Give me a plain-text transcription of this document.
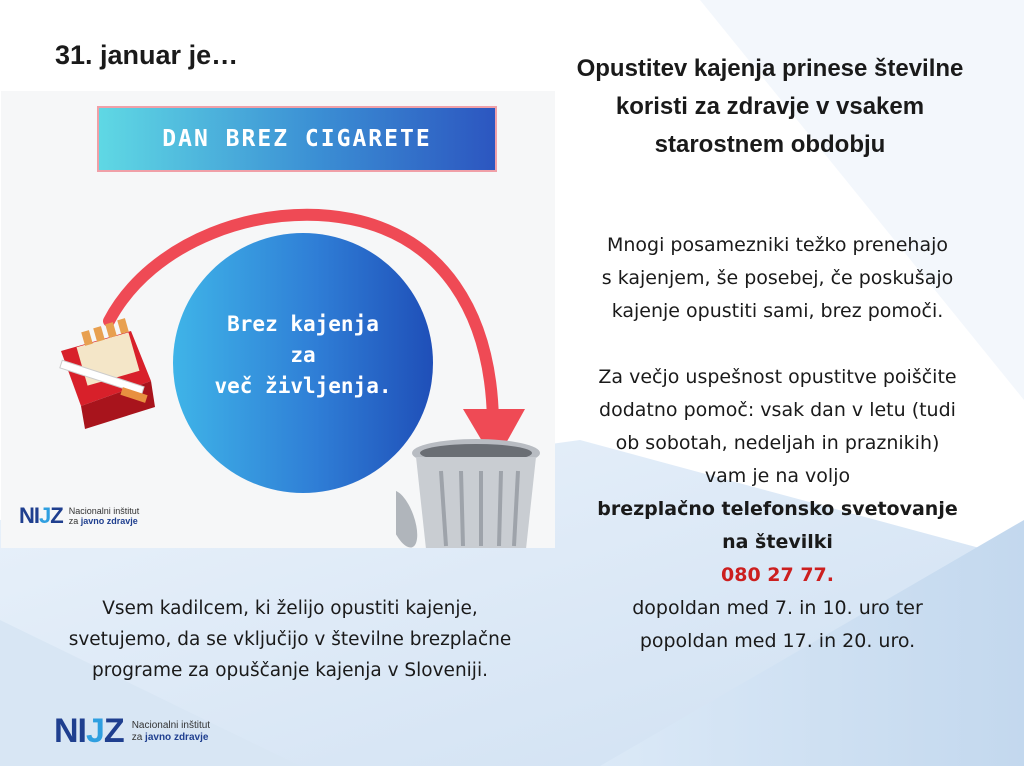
31. januar je…
DAN BREZ CIGARETE
Brez kajenja
za
več življenja.
NIJZ Nacionalni inštitut
za javno zdravje
Opustitev kajenja prinese številne
koristi za zdravje v vsakem
starostnem obdobju
Mnogi posamezniki težko prenehajo
s kajenjem, še posebej, če poskušajo
kajenje opustiti sami, brez pomoči.
Za večjo uspešnost opustitve poiščite
dodatno pomoč: vsak dan v letu (tudi
ob sobotah, nedeljah in praznikih)
vam je na voljo
brezplačno telefonsko svetovanje
na številki
080 27 77.
dopoldan med 7. in 10. uro ter
popoldan med 17. in 20. uro.
Vsem kadilcem, ki želijo opustiti kajenje,
svetujemo, da se vključijo v številne brezplačne
programe za opuščanje kajenja v Sloveniji.
NIJZ Nacionalni inštitut
za javno zdravje
